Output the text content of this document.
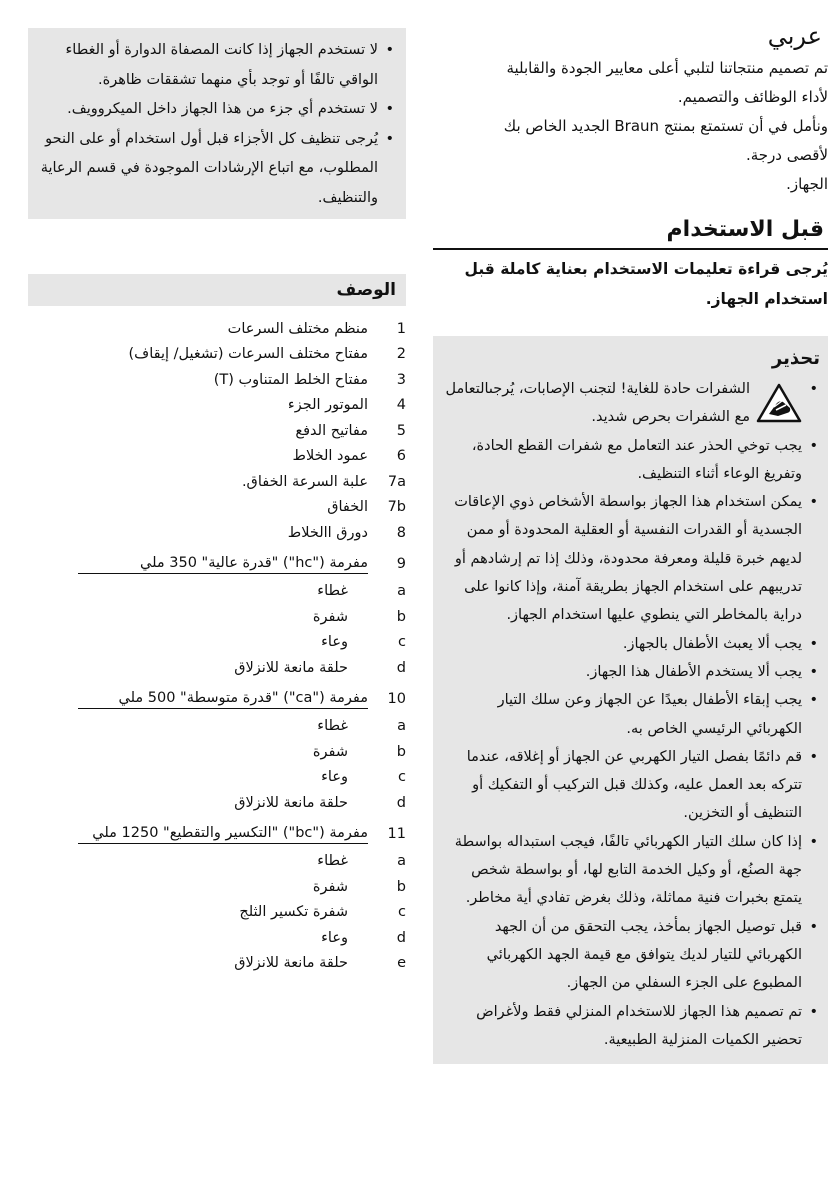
عربي

تم تصميم منتجاتنا لتلبي أعلى معايير الجودة والقابلية

لأداء الوظائف والتصميم.

ونأمل في أن تستمتع بمنتج Braun الجديد الخاص بك

لأقصى درجة.

الجهاز.

قبل الاستخدام
يُرجى قراءة تعليمات الاستخدام بعناية كاملة قبل استخدام الجهاز.
تحذير
• الشفرات حادة للغاية! لتجنب الإصابات، يُرجىالتعامل مع الشفرات بحرص شديد.
• يجب توخي الحذر عند التعامل مع شفرات القطع الحادة، وتفريغ الوعاء أثناء التنظيف.
• يمكن استخدام هذا الجهاز بواسطة الأشخاص ذوي الإعاقات الجسدية أو القدرات النفسية أو العقلية المحدودة أو ممن لديهم خبرة قليلة ومعرفة محدودة، وذلك إذا تم إرشادهم أو تدريبهم على استخدام الجهاز بطريقة آمنة، وإذا كانوا على دراية بالمخاطر التي ينطوي عليها استخدام الجهاز.
• يجب ألا يعبث الأطفال بالجهاز.
• يجب ألا يستخدم الأطفال هذا الجهاز.
• يجب إبقاء الأطفال بعيدًا عن الجهاز وعن سلك التيار الكهربائي الرئيسي الخاص به.
• قم دائمًا بفصل التيار الكهربي عن الجهاز أو إغلاقه، عندما تتركه بعد العمل عليه، وكذلك قبل التركيب أو التفكيك أو التنظيف أو التخزين.
• إذا كان سلك التيار الكهربائي تالفًا، فيجب استبداله بواسطة جهة الصنُع، أو وكيل الخدمة التابع لها، أو بواسطة شخص يتمتع بخبرات فنية مماثلة، وذلك بغرض تفادي أية مخاطر.
• قبل توصيل الجهاز بمأخذ، يجب التحقق من أن الجهد الكهربائي للتيار لديك يتوافق مع قيمة الجهد الكهربائي المطبوع على الجزء السفلي من الجهاز.
• تم تصميم هذا الجهاز للاستخدام المنزلي فقط ولأغراض تحضير الكميات المنزلية الطبيعية.
• لا تستخدم الجهاز إذا كانت المصفاة الدوارة أو الغطاء الواقي تالفًا أو توجد بأي منهما تشققات ظاهرة.
• لا تستخدم أي جزء من هذا الجهاز داخل الميكروويف.
• يُرجى تنظيف كل الأجزاء قبل أول استخدام أو على النحو المطلوب، مع اتباع الإرشادات الموجودة في قسم الرعاية والتنظيف.
الوصف
1
منظم مختلف السرعات
2
مفتاح مختلف السرعات (تشغيل/ إيقاف)
3
مفتاح الخلط المتناوب (T)
4
الموتور الجزء
5
مفاتيح الدفع
6
عمود الخلاط
7a
علبة السرعة الخفاق.
7b
الخفاق
8
دورق االخلاط
9
مفرمة ("hc") "قدرة عالية" 350 ملي
a
غطاء
b
شفرة
c
وعاء
d
حلقة مانعة للانزلاق
10
مفرمة ("ca") "قدرة متوسطة" 500 ملي
a
غطاء
b
شفرة
c
وعاء
d
حلقة مانعة للانزلاق
11
مفرمة ("bc") "التكسير والتقطيع" 1250 ملي
a
غطاء
b
شفرة
c
شفرة تكسير الثلج
d
وعاء
e
حلقة مانعة للانزلاق
